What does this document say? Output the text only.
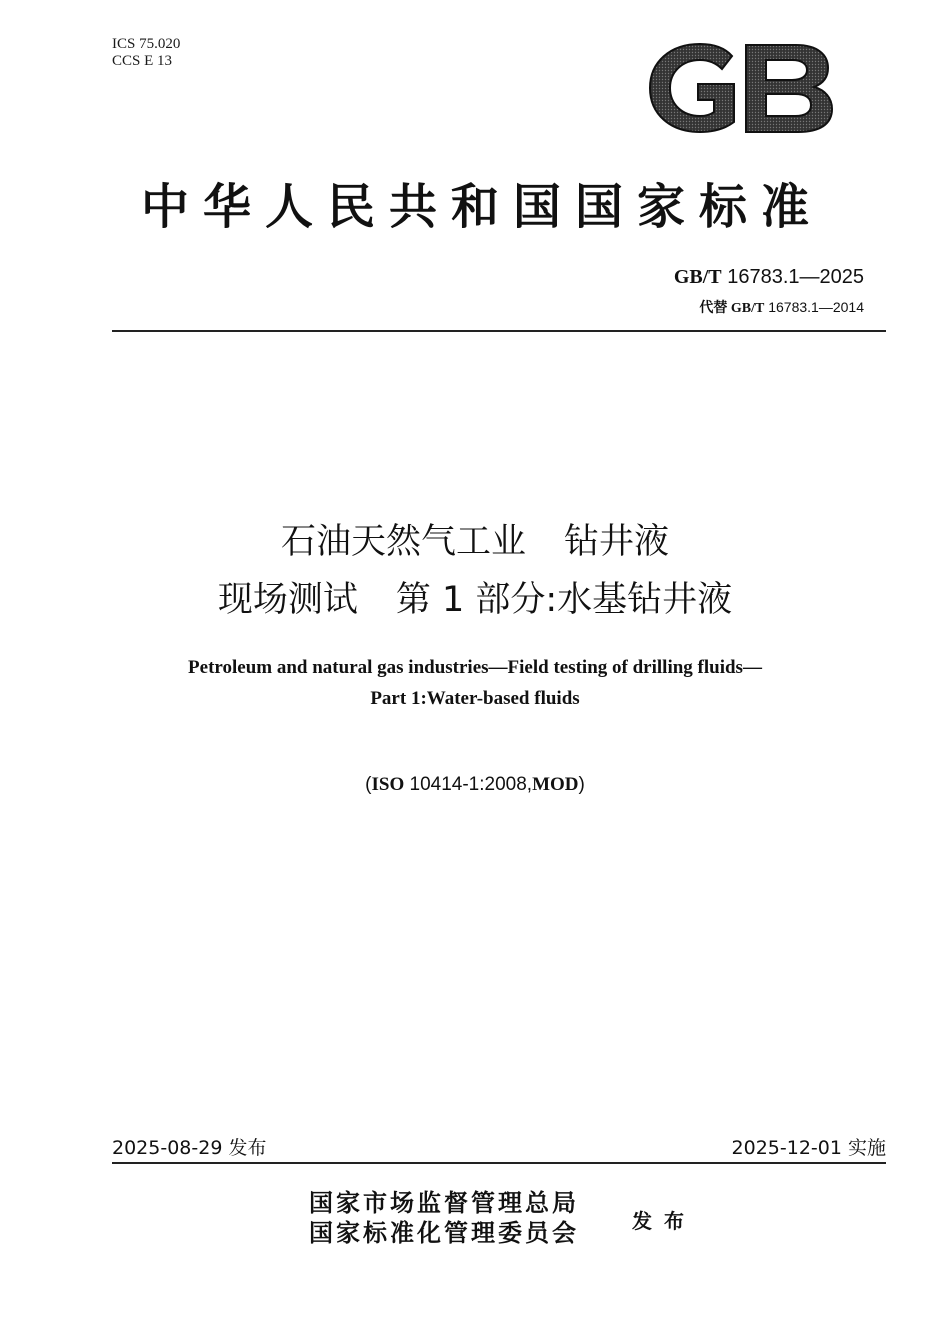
ICS 75.020
CCS E 13
中华人民共和国国家标准
GB/T 16783.1—2025
代替 GB/T 16783.1—2014
石油天然气工业 钻井液
现场测试 第 1 部分:水基钻井液
Petroleum and natural gas industries—Field testing of drilling fluids—
Part 1:Water-based fluids
(ISO 10414-1:2008,MOD)
2025-08-29 发布	2025-12-01 实施
国家市场监督管理总局
国家标准化管理委员会	发布
